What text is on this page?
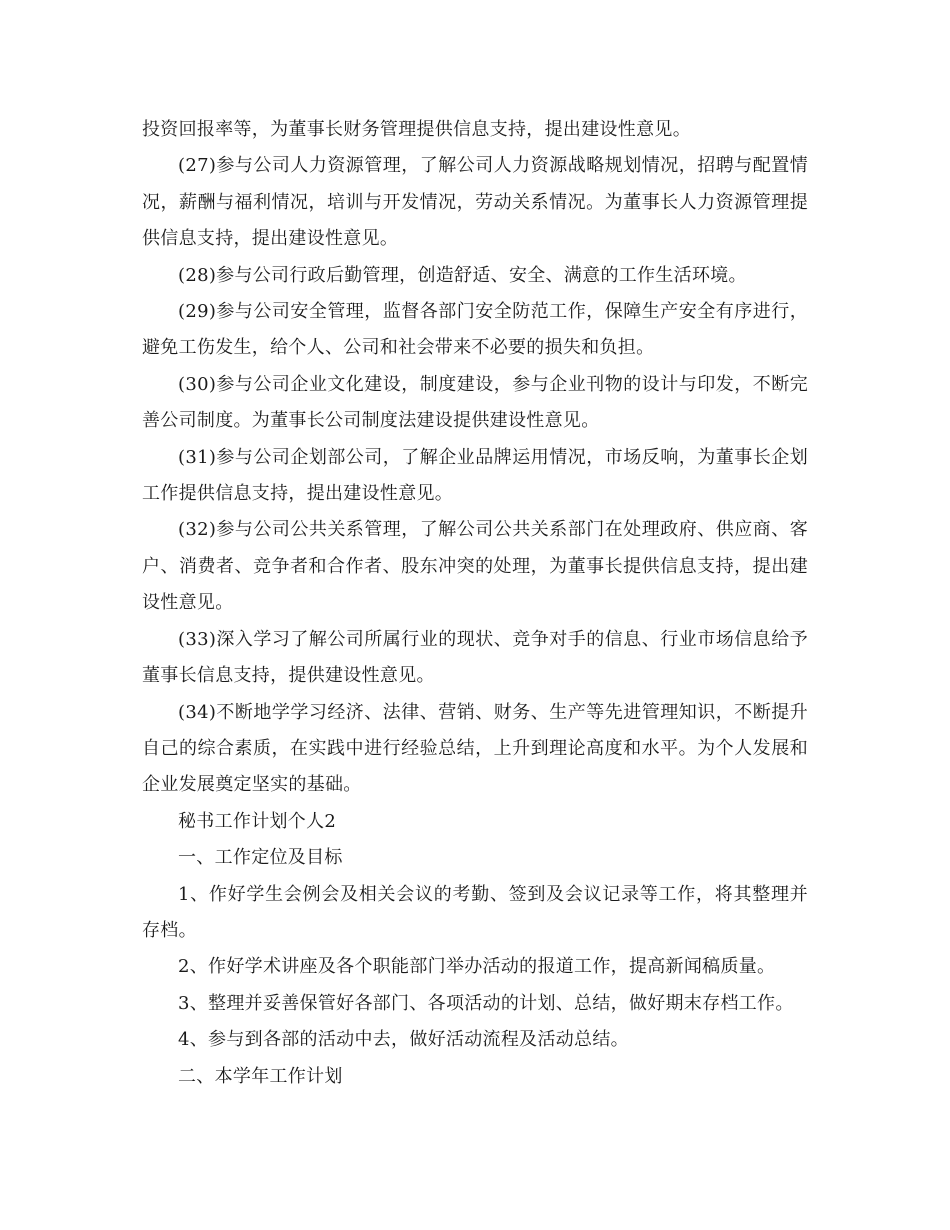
投资回报率等，为董事长财务管理提供信息支持，提出建设性意见。

(27)参与公司人力资源管理，了解公司人力资源战略规划情况，招聘与配置情况，薪酬与福利情况，培训与开发情况，劳动关系情况。为董事长人力资源管理提供信息支持，提出建设性意见。

(28)参与公司行政后勤管理，创造舒适、安全、满意的工作生活环境。

(29)参与公司安全管理，监督各部门安全防范工作，保障生产安全有序进行，避免工伤发生，给个人、公司和社会带来不必要的损失和负担。

(30)参与公司企业文化建设，制度建设，参与企业刊物的设计与印发，不断完善公司制度。为董事长公司制度法建设提供建设性意见。

(31)参与公司企划部公司，了解企业品牌运用情况，市场反响，为董事长企划工作提供信息支持，提出建设性意见。

(32)参与公司公共关系管理，了解公司公共关系部门在处理政府、供应商、客户、消费者、竞争者和合作者、股东冲突的处理，为董事长提供信息支持，提出建设性意见。

(33)深入学习了解公司所属行业的现状、竞争对手的信息、行业市场信息给予董事长信息支持，提供建设性意见。

(34)不断地学学习经济、法律、营销、财务、生产等先进管理知识，不断提升自己的综合素质，在实践中进行经验总结，上升到理论高度和水平。为个人发展和企业发展奠定坚实的基础。

秘书工作计划个人2

一、工作定位及目标

1、作好学生会例会及相关会议的考勤、签到及会议记录等工作，将其整理并存档。

2、作好学术讲座及各个职能部门举办活动的报道工作，提高新闻稿质量。

3、整理并妥善保管好各部门、各项活动的计划、总结，做好期末存档工作。

4、参与到各部的活动中去，做好活动流程及活动总结。

二、本学年工作计划
